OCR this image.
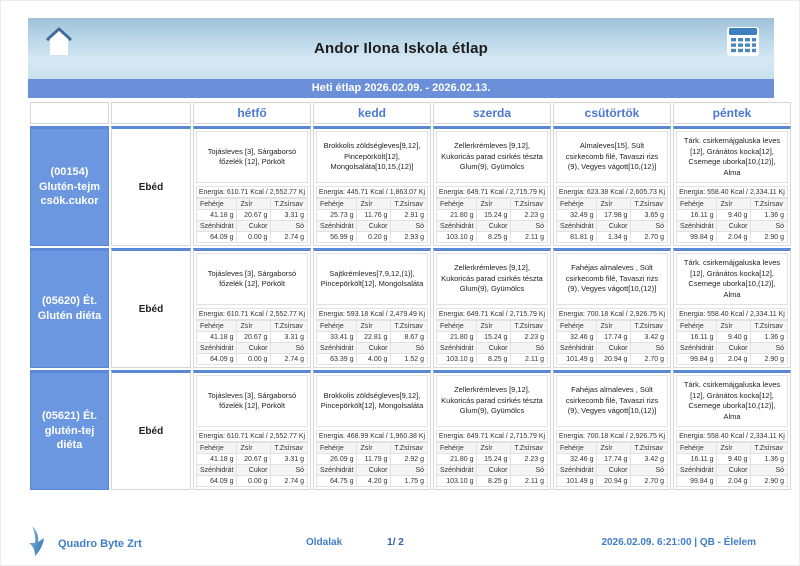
Andor Ilona Iskola étlap
Heti étlap 2026.02.09. - 2026.02.13.
		hétfő	kedd	szerda	csütörtök	péntek
(00154) Glutén-tejm csök.cukor	Ebéd	
Tojásleves [3], Sárgaborsó főzelék [12], Pörkölt
Energia: 610.71 Kcal / 2,552.77 Kj
Fehérje	Zsír	T.Zsírsav
41.18 g	20.67 g	3.31 g
Szénhidrát	Cukor	Só
64.09 g	0.00 g	2.74 g

Brokkolis zöldségleves[9,12], Pincepörkölt[12], Mongolsaláta[10,15,(12)]
Energia: 445.71 Kcal / 1,863.07 Kj
Fehérje	Zsír	T.Zsírsav
25.73 g	11.76 g	2.91 g
Szénhidrát	Cukor	Só
56.99 g	0.20 g	2.93 g

Zellerkrémleves [9,12], Kukoricás parad csirkés tészta Glum(9), Gyümölcs
Energia: 649.71 Kcal / 2,715.79 Kj
Fehérje	Zsír	T.Zsírsav
21.80 g	15.24 g	2.23 g
Szénhidrát	Cukor	Só
103.10 g	8.25 g	2.11 g

Almaleves[15], Sült csirkecomb filé, Tavaszi rizs (9), Vegyes vágott[10,(12)]
Energia: 623.38 Kcal / 2,605.73 Kj
Fehérje	Zsír	T.Zsírsav
32.49 g	17.98 g	3.65 g
Szénhidrát	Cukor	Só
81.81 g	1.34 g	2.70 g

Tárk. csirkemájgaluska leves [12], Gránátos kocka[12], Csemege uborka[10,(12)], Alma
Energia: 558.40 Kcal / 2,334.11 Kj
Fehérje	Zsír	T.Zsírsav
16.11 g	9.40 g	1.36 g
Szénhidrát	Cukor	Só
99.84 g	2.04 g	2.90 g

(05620) Ét. Glutén diéta	Ebéd	
Tojásleves [3], Sárgaborsó főzelék [12], Pörkölt
Energia: 610.71 Kcal / 2,552.77 Kj
Fehérje	Zsír	T.Zsírsav
41.18 g	20.67 g	3.31 g
Szénhidrát	Cukor	Só
64.09 g	0.00 g	2.74 g

Sajtkrémleves[7,9,12,(1)], Pincepörkölt[12], Mongolsaláta
Energia: 593.18 Kcal / 2,479.49 Kj
Fehérje	Zsír	T.Zsírsav
33.41 g	22.81 g	8.67 g
Szénhidrát	Cukor	Só
63.39 g	4.00 g	1.52 g

Zellerkrémleves [9,12], Kukoricás parad csirkés tészta Glum(9), Gyümölcs
Energia: 649.71 Kcal / 2,715.79 Kj
Fehérje	Zsír	T.Zsírsav
21.80 g	15.24 g	2.23 g
Szénhidrát	Cukor	Só
103.10 g	8.25 g	2.11 g

Fahéjas almaleves , Sült csirkecomb filé, Tavaszi rizs (9), Vegyes vágott[10,(12)]
Energia: 700.18 Kcal / 2,926.75 Kj
Fehérje	Zsír	T.Zsírsav
32.46 g	17.74 g	3.42 g
Szénhidrát	Cukor	Só
101.49 g	20.94 g	2.70 g

Tárk. csirkemájgaluska leves [12], Gránátos kocka[12], Csemege uborka[10,(12)], Alma
Energia: 558.40 Kcal / 2,334.11 Kj
Fehérje	Zsír	T.Zsírsav
16.11 g	9.40 g	1.36 g
Szénhidrát	Cukor	Só
99.84 g	2.04 g	2.90 g

(05621) Ét. glutén-tej diéta	Ebéd	
Tojásleves [3], Sárgaborsó főzelék [12], Pörkölt
Energia: 610.71 Kcal / 2,552.77 Kj
Fehérje	Zsír	T.Zsírsav
41.18 g	20.67 g	3.31 g
Szénhidrát	Cukor	Só
64.09 g	0.00 g	2.74 g

Brokkolis zöldségleves[9,12], Pincepörkölt[12], Mongolsaláta
Energia: 468.99 Kcal / 1,960.38 Kj
Fehérje	Zsír	T.Zsírsav
26.09 g	11.79 g	2.92 g
Szénhidrát	Cukor	Só
64.75 g	4.20 g	1.75 g

Zellerkrémleves [9,12], Kukoricás parad csirkés tészta Glum(9), Gyümölcs
Energia: 649.71 Kcal / 2,715.79 Kj
Fehérje	Zsír	T.Zsírsav
21.80 g	15.24 g	2.23 g
Szénhidrát	Cukor	Só
103.10 g	8.25 g	2.11 g

Fahéjas almaleves , Sült csirkecomb filé, Tavaszi rizs (9), Vegyes vágott[10,(12)]
Energia: 700.18 Kcal / 2,926.75 Kj
Fehérje	Zsír	T.Zsírsav
32.46 g	17.74 g	3.42 g
Szénhidrát	Cukor	Só
101.49 g	20.94 g	2.70 g

Tárk. csirkemájgaluska leves [12], Gránátos kocka[12], Csemege uborka[10,(12)], Alma
Energia: 558.40 Kcal / 2,334.11 Kj
Fehérje	Zsír	T.Zsírsav
16.11 g	9.40 g	1.36 g
Szénhidrát	Cukor	Só
99.84 g	2.04 g	2.90 g
Quadro Byte Zrt	Oldalak	1/ 2	2026.02.09. 6:21:00 | QB - Élelem
